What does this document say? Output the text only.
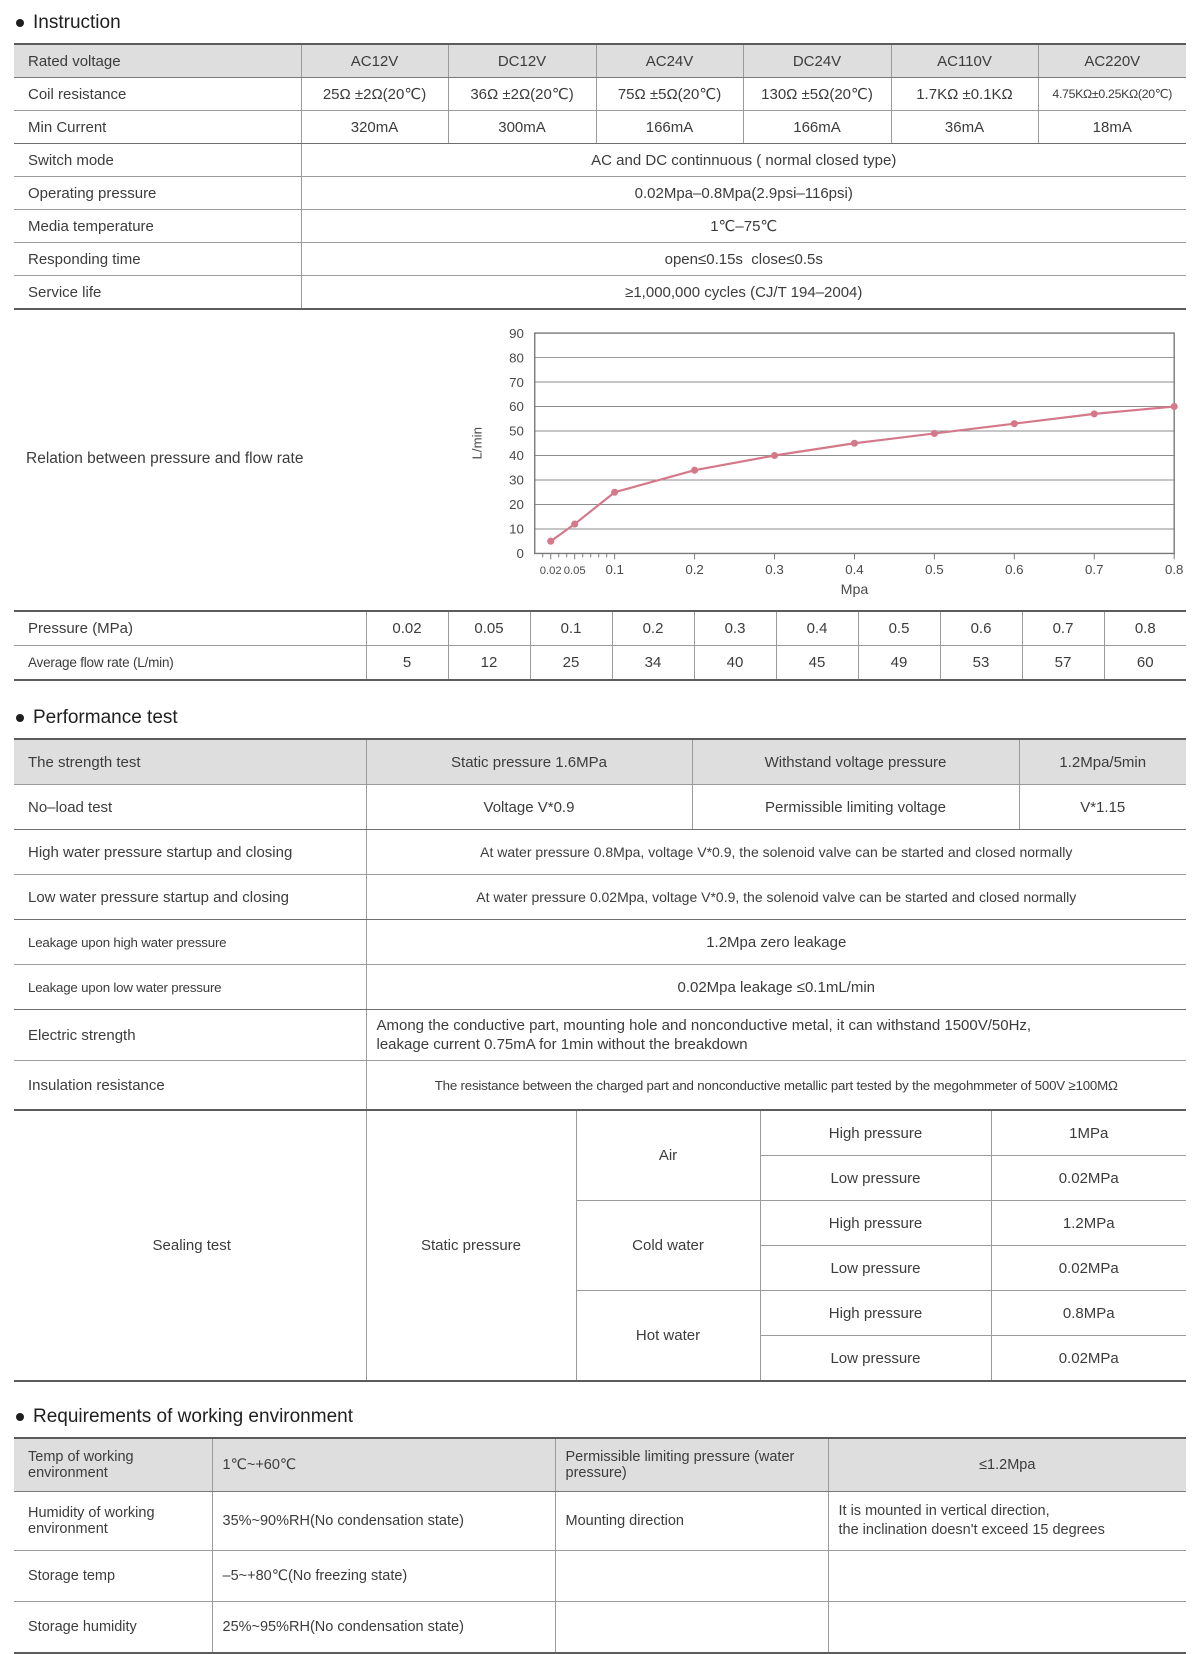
Instruction
Rated voltage	AC12V	DC12V	AC24V	DC24V	AC110V	AC220V
Coil resistance	25Ω ±2Ω(20℃)	36Ω ±2Ω(20℃)	75Ω ±5Ω(20℃)	130Ω ±5Ω(20℃)	1.7KΩ ±0.1KΩ	4.75KΩ±0.25KΩ(20℃)
Min Current	320mA	300mA	166mA	166mA	36mA	18mA
Switch mode	AC and DC continnuous ( normal closed type)					
Operating pressure	0.02Mpa–0.8Mpa(2.9psi–116psi)					
Media temperature	1℃–75℃					
Responding time	open≤0.15s  close≤0.5s					
Service life	≥1,000,000 cycles (CJ/T 194–2004)					
Relation between pressure and flow rate
0
10
20
30
40
50
60
70
80
90
L/min
0.02 0.05 0.1	0.2	0.3	0.4	0.5	0.6	0.7	0.8
Mpa
Pressure (MPa)	0.02	0.05	0.1	0.2	0.3	0.4	0.5	0.6	0.7	0.8
Average flow rate (L/min)	5	12	25	34	40	45	49	53	57	60
Performance test
The strength test	Static pressure 1.6MPa	Withstand voltage pressure	1.2Mpa/5min
No–load test	Voltage V*0.9	Permissible limiting voltage	V*1.15
High water pressure startup and closing	At water pressure 0.8Mpa, voltage V*0.9, the solenoid valve can be started and closed normally		
Low water pressure startup and closing	At water pressure 0.02Mpa, voltage V*0.9, the solenoid valve can be started and closed normally		
Leakage upon high water pressure	1.2Mpa zero leakage		
Leakage upon low water pressure	0.02Mpa leakage ≤0.1mL/min		
Electric strength	Among the conductive part, mounting hole and nonconductive metal, it can withstand 1500V/50Hz,
leakage current 0.75mA for 1min without the breakdown		

Insulation resistance	The resistance between the charged part and nonconductive metallic part tested by the megohmmeter of 500V ≥100MΩ		
Sealing test	Static pressure	Air	High pressure	1MPa
			Low pressure	0.02MPa
		Cold water	High pressure	1.2MPa
			Low pressure	0.02MPa
		Hot water	High pressure	0.8MPa
			Low pressure	0.02MPa
Requirements of working environment
Temp of working environment	1℃~+60℃	Permissible limiting pressure (water pressure)	≤1.2Mpa
Humidity of working environment	35%~90%RH(No condensation state)	Mounting direction	It is mounted in vertical direction,
the inclination doesn't exceed 15 degrees

Storage temp	–5~+80℃(No freezing state)		
Storage humidity	25%~95%RH(No condensation state)		
